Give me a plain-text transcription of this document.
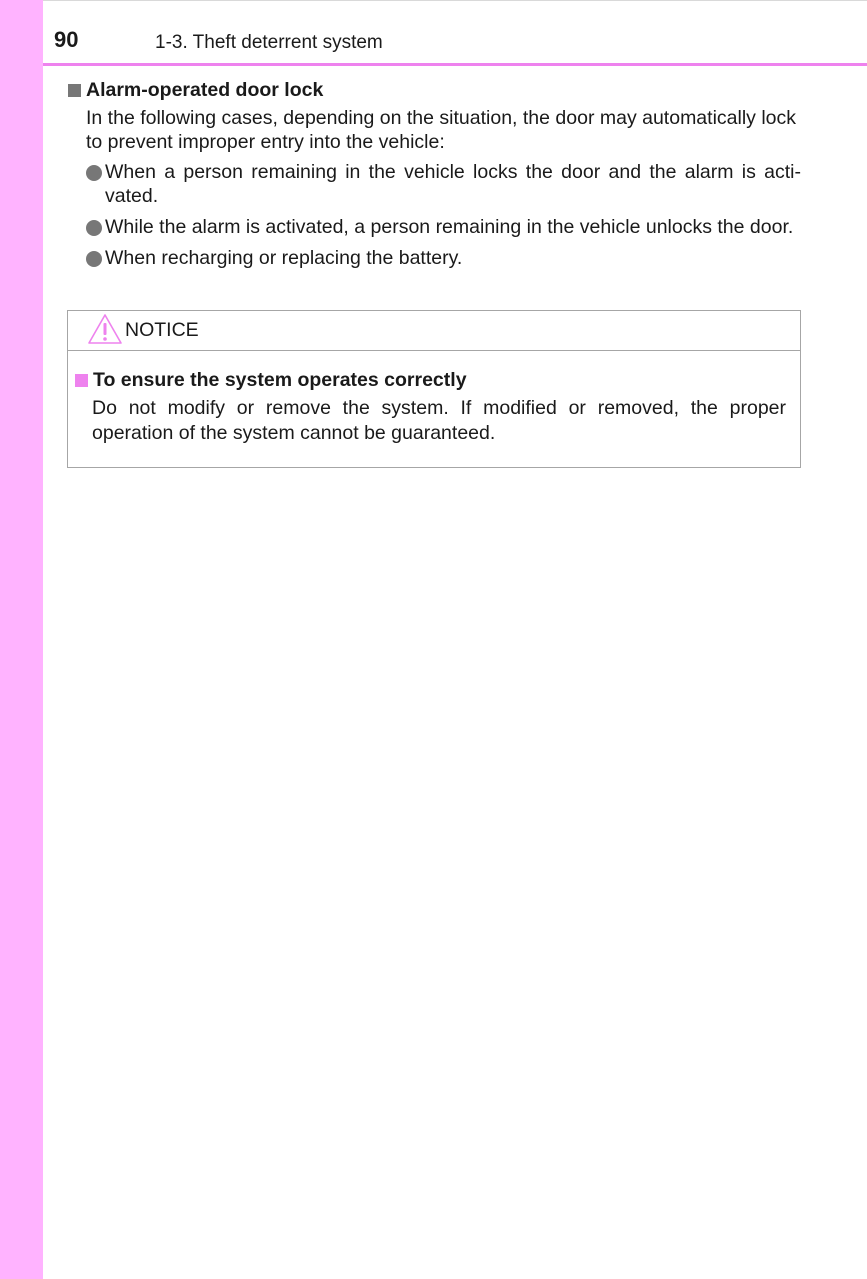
90	1-3. Theft deterrent system
Alarm-operated door lock

In the following cases, depending on the situation, the door may automatically lock to prevent improper entry into the vehicle:

When a person remaining in the vehicle locks the door and the alarm is acti- vated.
While the alarm is activated, a person remaining in the vehicle unlocks the door.
When recharging or replacing the battery.
NOTICE
To ensure the system operates correctly

Do not modify or remove the system. If modified or removed, the proper operation of the system cannot be guaranteed.
